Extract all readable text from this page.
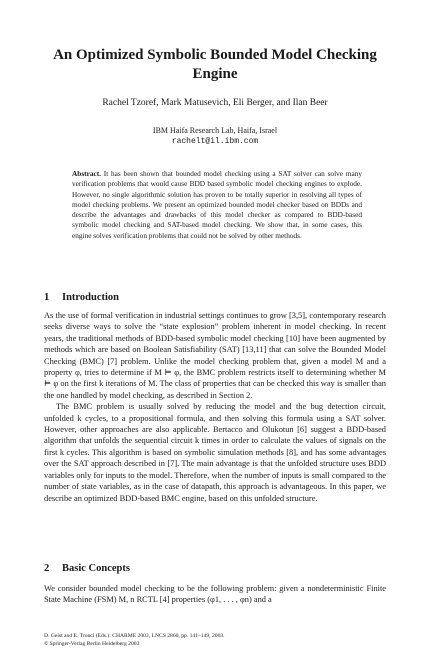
An Optimized Symbolic Bounded Model Checking Engine
Rachel Tzoref, Mark Matusevich, Eli Berger, and Ilan Beer
IBM Haifa Research Lab, Haifa, Israel
rachelt@il.ibm.com
Abstract. It has been shown that bounded model checking using a SAT solver can solve many verification problems that would cause BDD based symbolic model checking engines to explode. However, no single algorithmic solution has proven to be totally superior in resolving all types of model checking problems. We present an optimized bounded model checker based on BDDs and describe the advantages and drawbacks of this model checker as compared to BDD-based symbolic model checking and SAT-based model checking. We show that, in some cases, this engine solves verification problems that could not be solved by other methods.
1 Introduction

As the use of formal verification in industrial settings continues to grow [3,5], contemporary research seeks diverse ways to solve the “state explosion” problem inherent in model checking. In recent years, the traditional methods of BDD-based symbolic model checking [10] have been augmented by methods which are based on Boolean Satisfiability (SAT) [13,11] that can solve the Bounded Model Checking (BMC) [7] problem. Unlike the model checking problem that, given a model M and a property φ, tries to determine if M ⊨ φ, the BMC problem restricts itself to determining whether M ⊨ φ on the first k iterations of M. The class of properties that can be checked this way is smaller than the one handled by model checking, as described in Section 2.

The BMC problem is usually solved by reducing the model and the bug detection circuit, unfolded k cycles, to a propositional formula, and then solving this formula using a SAT solver. However, other approaches are also applicable. Bertacco and Olukotun [6] suggest a BDD-based algorithm that unfolds the sequential circuit k times in order to calculate the values of signals on the first k cycles. This algorithm is based on symbolic simulation methods [8], and has some advantages over the SAT approach described in [7]. The main advantage is that the unfolded structure uses BDD variables only for inputs to the model. Therefore, when the number of inputs is small compared to the number of state variables, as in the case of datapath, this approach is advantageous. In this paper, we describe an optimized BDD-based BMC engine, based on this unfolded structure.

2 Basic Concepts

We consider bounded model checking to be the following problem: given a nondeterministic Finite State Machine (FSM) M, n RCTL [4] properties (φ1, . . . , φn) and a

D. Geist and E. Tronci (Eds.): CHARME 2003, LNCS 2860, pp. 141–149, 2003.
© Springer-Verlag Berlin Heidelberg 2003
